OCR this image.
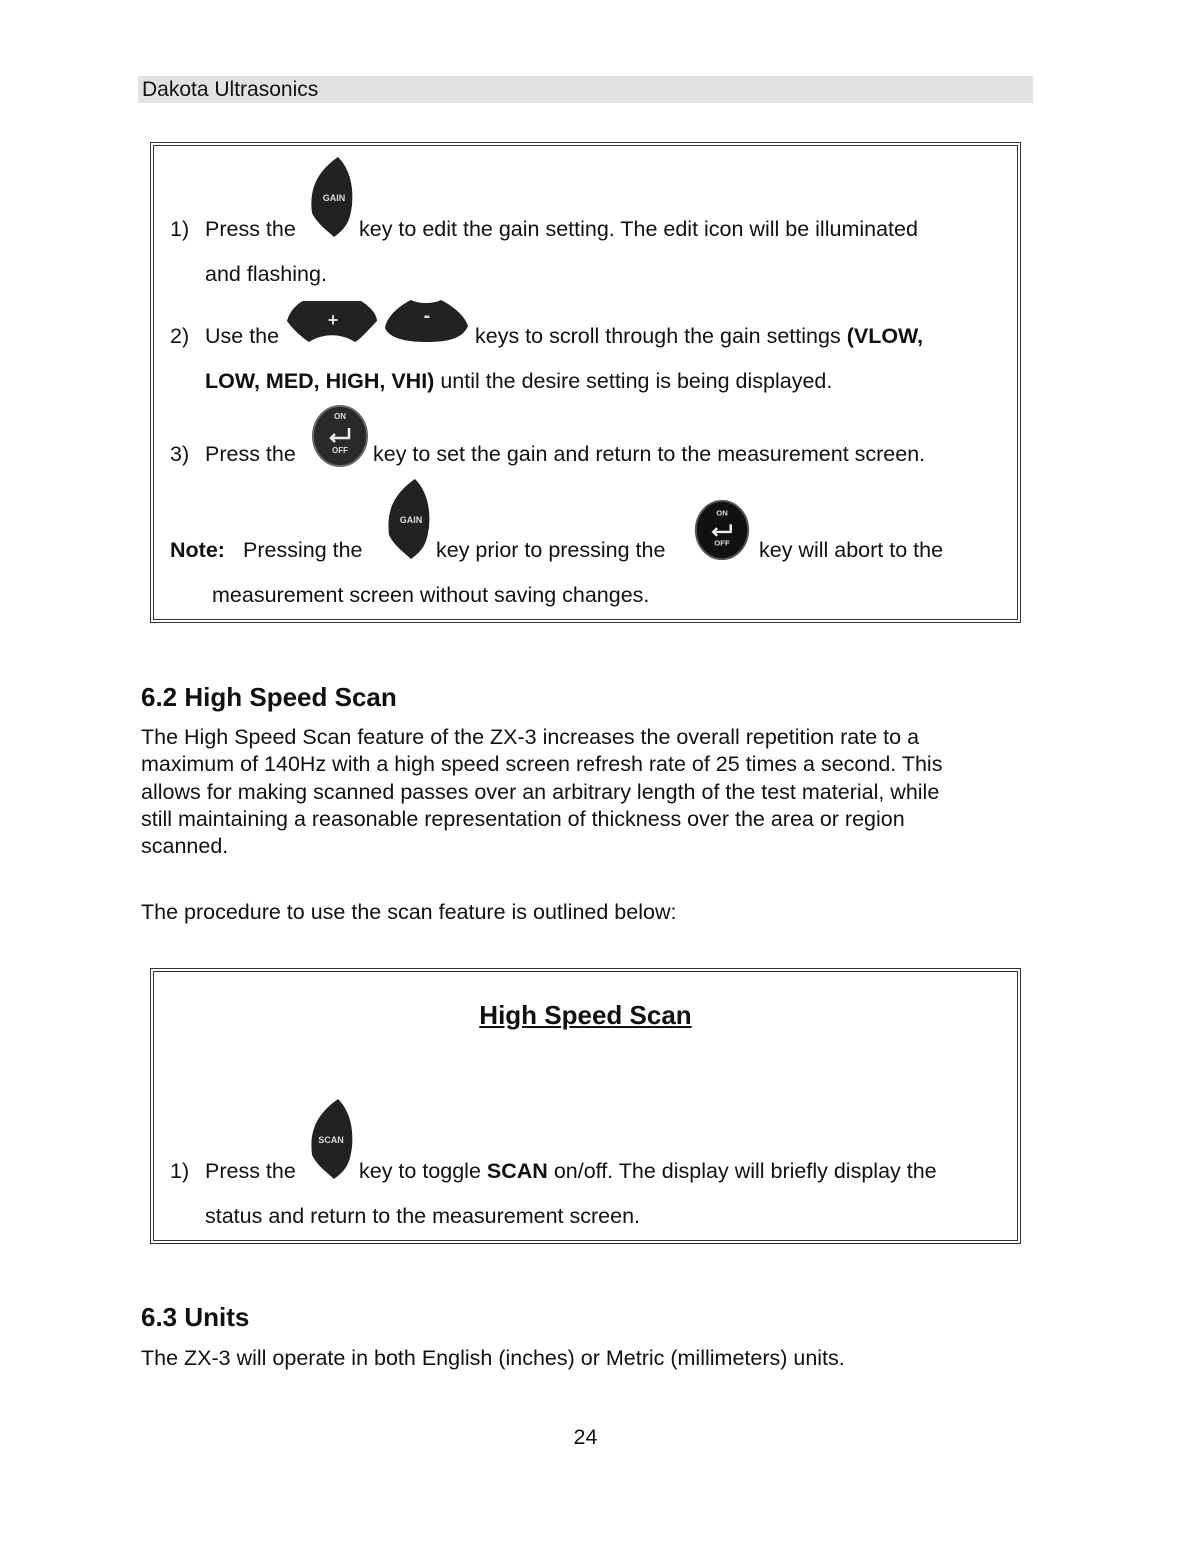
Dakota Ultrasonics
1) Press the
GAIN
key to edit the gain setting. The edit icon will be illuminated
and flashing.
2) Use the
+	-
keys to scroll through the gain settings (VLOW,
LOW, MED, HIGH, VHI) until the desire setting is being displayed.
3) Press the
ON
OFF key to set the gain and return to the measurement screen.
Note: Pressing the
GAIN
key prior to pressing the
ON
OFF key will abort to the
measurement screen without saving changes.
6.2 High Speed Scan
The High Speed Scan feature of the ZX-3 increases the overall repetition rate to a
maximum of 140Hz with a high speed screen refresh rate of 25 times a second. This
allows for making scanned passes over an arbitrary length of the test material, while
still maintaining a reasonable representation of thickness over the area or region
scanned.
The procedure to use the scan feature is outlined below:
High Speed Scan
1) Press the
SCAN
key to toggle SCAN on/off. The display will briefly display the
status and return to the measurement screen.
6.3 Units
The ZX-3 will operate in both English (inches) or Metric (millimeters) units.
24
